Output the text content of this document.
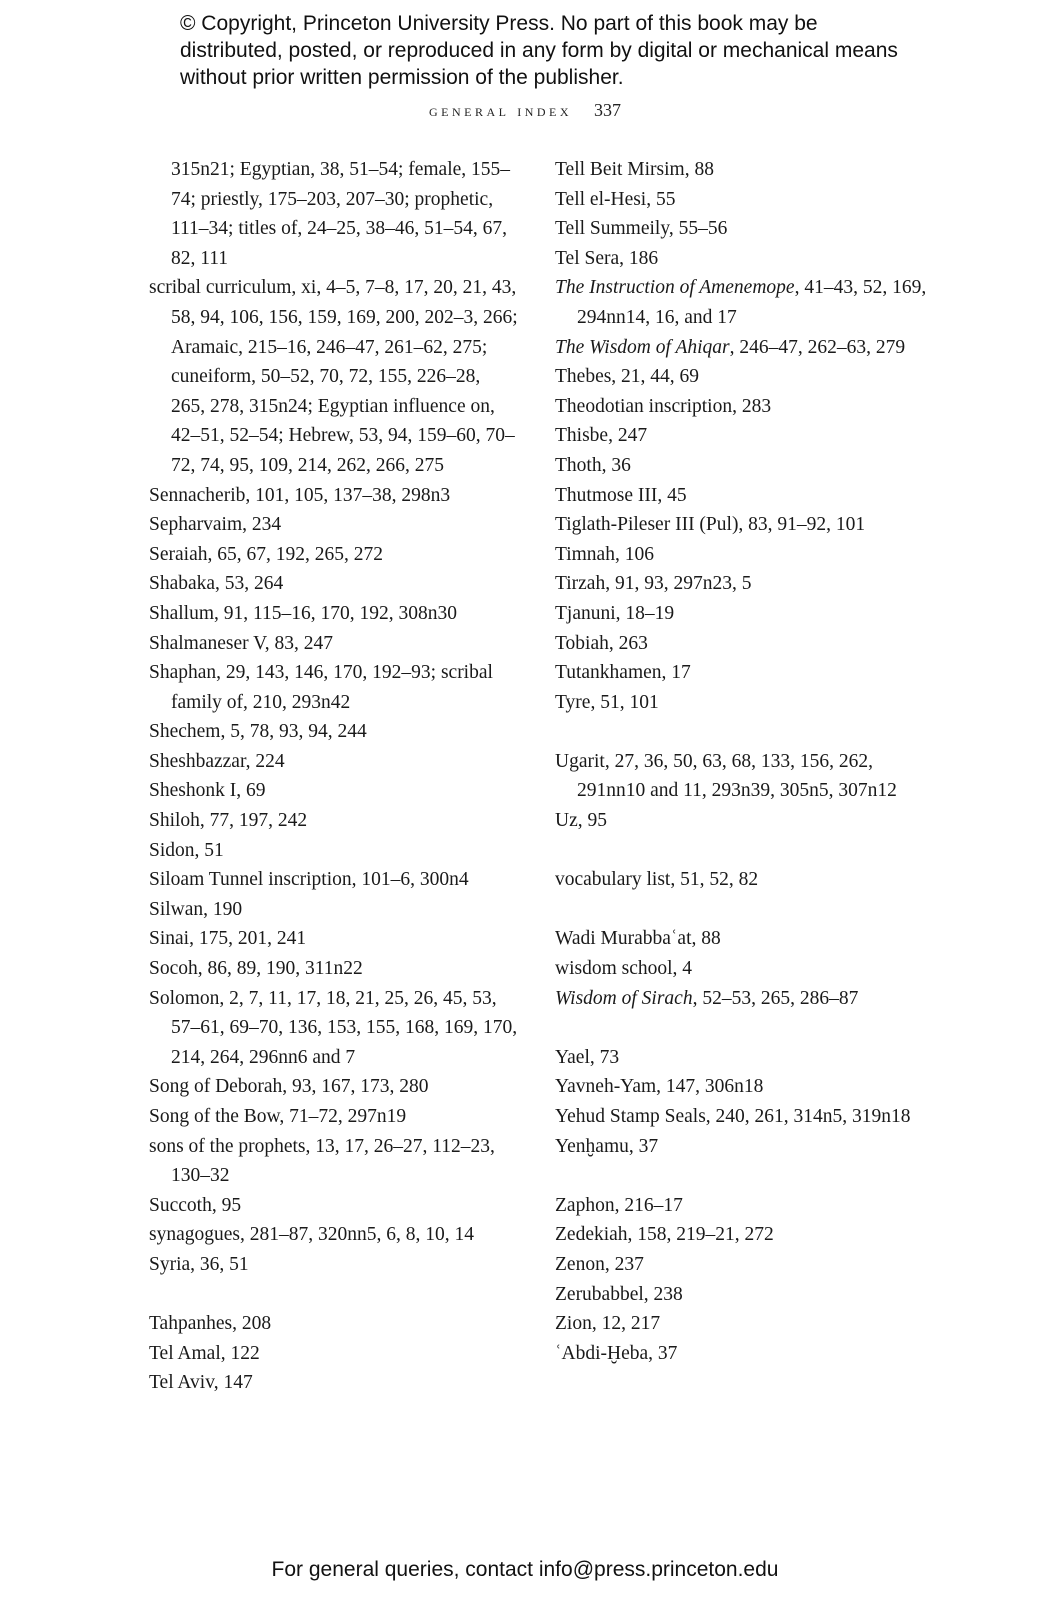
© Copyright, Princeton University Press. No part of this book may be distributed, posted, or reproduced in any form by digital or mechanical means without prior written permission of the publisher.
general index 337

315n21; Egyptian, 38, 51–54; female, 155–74; priestly, 175–203, 207–30; prophetic, 111–34; titles of, 24–25, 38–46, 51–54, 67, 82, 111

scribal curriculum, xi, 4–5, 7–8, 17, 20, 21, 43, 58, 94, 106, 156, 159, 169, 200, 202–3, 266; Aramaic, 215–16, 246–47, 261–62, 275; cuneiform, 50–52, 70, 72, 155, 226–28, 265, 278, 315n24; Egyptian influence on, 42–51, 52–54; Hebrew, 53, 94, 159–60, 70–72, 74, 95, 109, 214, 262, 266, 275

Sennacherib, 101, 105, 137–38, 298n3

Sepharvaim, 234

Seraiah, 65, 67, 192, 265, 272

Shabaka, 53, 264

Shallum, 91, 115–16, 170, 192, 308n30

Shalmaneser V, 83, 247

Shaphan, 29, 143, 146, 170, 192–93; scribal family of, 210, 293n42

Shechem, 5, 78, 93, 94, 244

Sheshbazzar, 224

Sheshonk I, 69

Shiloh, 77, 197, 242

Sidon, 51

Siloam Tunnel inscription, 101–6, 300n4

Silwan, 190

Sinai, 175, 201, 241

Socoh, 86, 89, 190, 311n22

Solomon, 2, 7, 11, 17, 18, 21, 25, 26, 45, 53, 57–61, 69–70, 136, 153, 155, 168, 169, 170, 214, 264, 296nn6 and 7

Song of Deborah, 93, 167, 173, 280

Song of the Bow, 71–72, 297n19

sons of the prophets, 13, 17, 26–27, 112–23, 130–32

Succoth, 95

synagogues, 281–87, 320nn5, 6, 8, 10, 14

Syria, 36, 51

Tahpanhes, 208

Tel Amal, 122

Tel Aviv, 147

Tell Beit Mirsim, 88

Tell el-Hesi, 55

Tell Summeily, 55–56

Tel Sera, 186

The Instruction of Amenemope, 41–43, 52, 169, 294nn14, 16, and 17

The Wisdom of Ahiqar, 246–47, 262–63, 279

Thebes, 21, 44, 69

Theodotian inscription, 283

Thisbe, 247

Thoth, 36

Thutmose III, 45

Tiglath-Pileser III (Pul), 83, 91–92, 101

Timnah, 106

Tirzah, 91, 93, 297n23, 5

Tjanuni, 18–19

Tobiah, 263

Tutankhamen, 17

Tyre, 51, 101

Ugarit, 27, 36, 50, 63, 68, 133, 156, 262, 291nn10 and 11, 293n39, 305n5, 307n12

Uz, 95

vocabulary list, 51, 52, 82

Wadi Murabbaʿat, 88

wisdom school, 4

Wisdom of Sirach, 52–53, 265, 286–87

Yael, 73

Yavneh-Yam, 147, 306n18

Yehud Stamp Seals, 240, 261, 314n5, 319n18

Yenḫamu, 37

Zaphon, 216–17

Zedekiah, 158, 219–21, 272

Zenon, 237

Zerubabbel, 238

Zion, 12, 217

ʿAbdi-Ḫeba, 37

For general queries, contact info@press.princeton.edu
